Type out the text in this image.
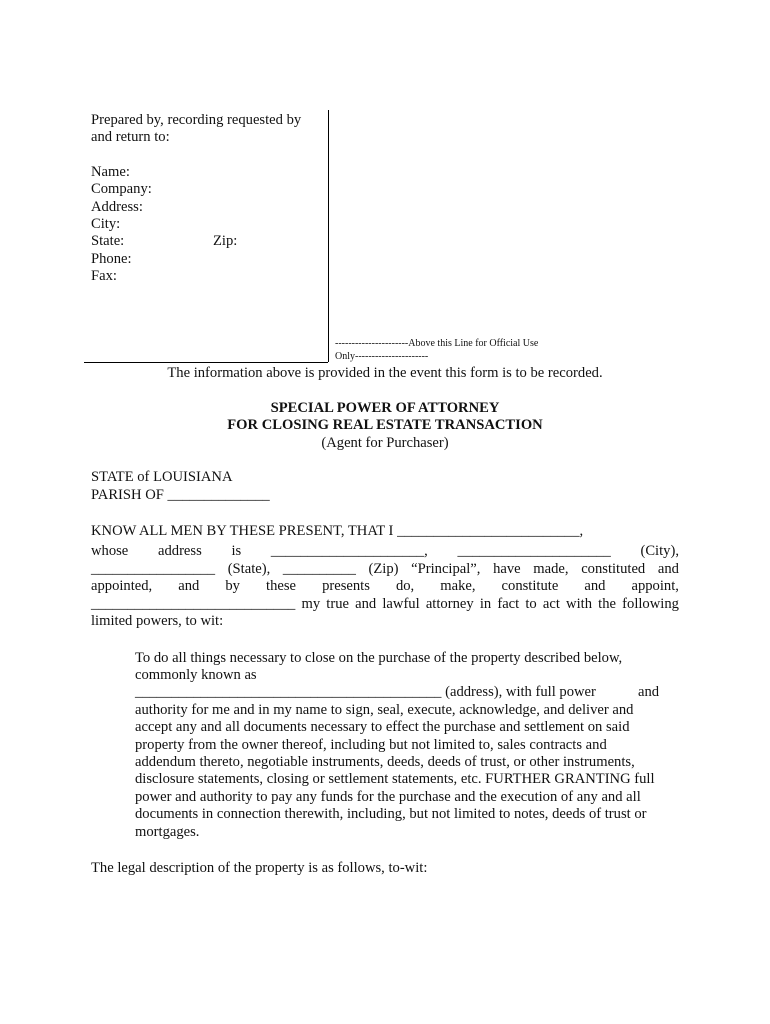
Prepared by, recording requested by
and return to:
Name:
Company:
Address:
City:
State:	Zip:
Phone:
Fax:
----------------------Above this Line for Official Use
Only----------------------
The information above is provided in the event this form is to be recorded.
SPECIAL POWER OF ATTORNEY
FOR CLOSING REAL ESTATE TRANSACTION
(Agent for Purchaser)
STATE of LOUISIANA
PARISH OF ______________
KNOW ALL MEN BY THESE PRESENT, THAT I _________________________,
whose address is _____________________, _____________________ (City),
_________________ (State), __________ (Zip) “Principal”, have made, constituted and
appointed, and by these presents do, make, constitute and appoint,
____________________________ my true and lawful attorney in fact to act with the following
limited powers, to wit:
To do all things necessary to close on the purchase of the property described below,
commonly known as
__________________________________________ (address), with full power	and
authority for me and in my name to sign, seal, execute, acknowledge, and deliver and
accept any and all documents necessary to effect the purchase and settlement on said
property from the owner thereof, including but not limited to, sales contracts and
addendum thereto, negotiable instruments, deeds, deeds of trust, or other instruments,
disclosure statements, closing or settlement statements, etc. FURTHER GRANTING full
power and authority to pay any funds for the purchase and the execution of any and all
documents in connection therewith, including, but not limited to notes, deeds of trust or
mortgages.
The legal description of the property is as follows, to-wit:
